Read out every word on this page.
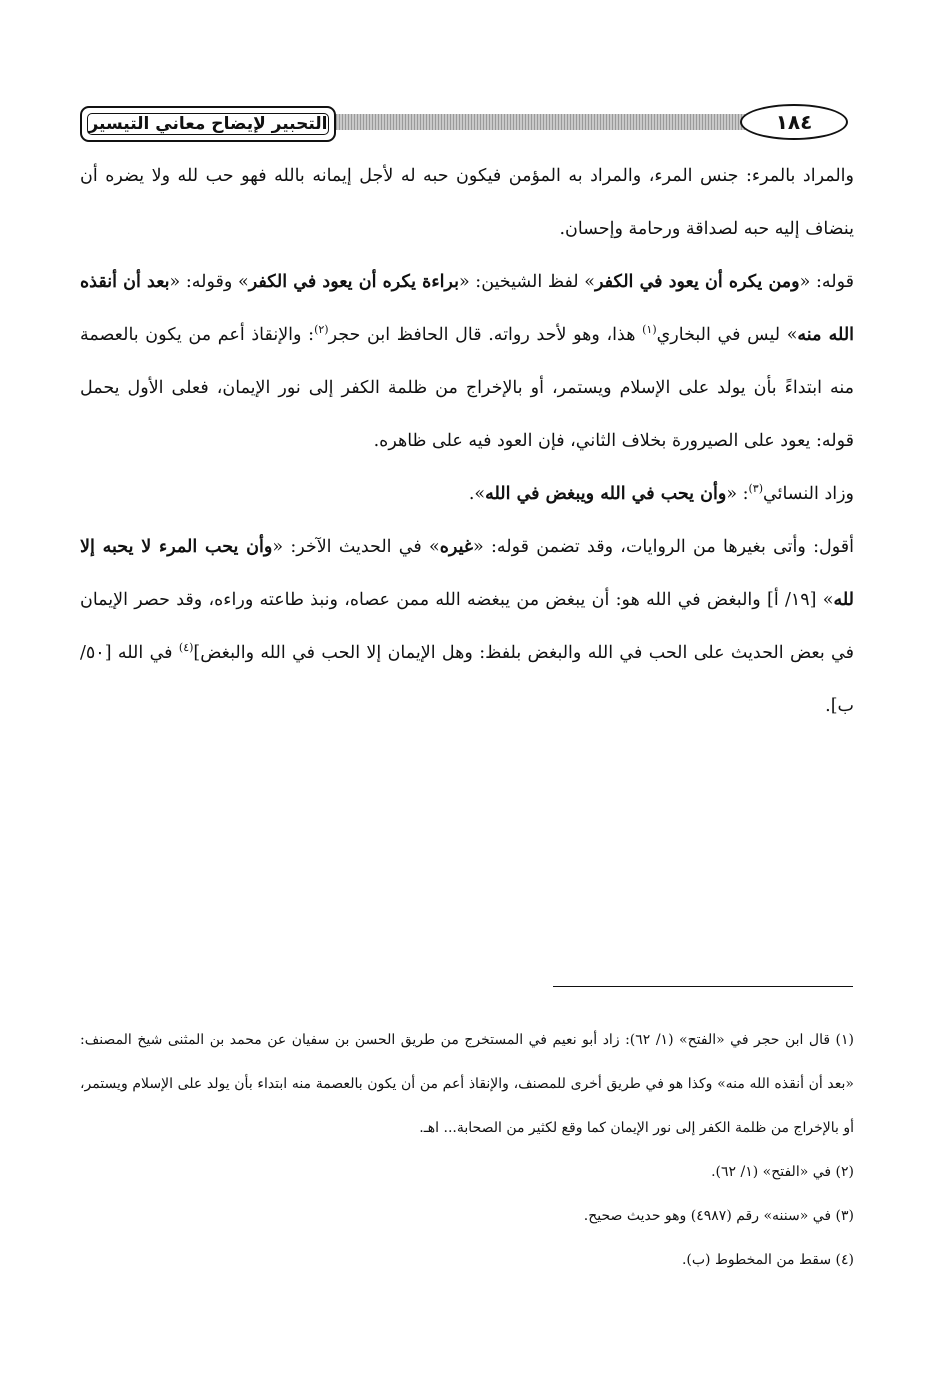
التحبير لإيضاح معاني التيسير	١٨٤

والمراد بالمرء: جنس المرء، والمراد به المؤمن فيكون حبه له لأجل إيمانه بالله فهو حب لله ولا يضره أن ينضاف إليه حبه لصداقة ورحامة وإحسان.

قوله: «ومن يكره أن يعود في الكفر» لفظ الشيخين: «براءة يكره أن يعود في الكفر» وقوله: «بعد أن أنقذه الله منه» ليس في البخاري$^{(١)}$ هذا، وهو لأحد رواته. قال الحافظ ابن حجر$^{(٢)}$: والإنقاذ أعم من يكون بالعصمة منه ابتداءً بأن يولد على الإسلام ويستمر، أو بالإخراج من ظلمة الكفر إلى نور الإيمان، فعلى الأول يحمل قوله: يعود على الصيرورة بخلاف الثاني، فإن العود فيه على ظاهره.

وزاد النسائي$^{(٣)}$: «وأن يحب في الله ويبغض في الله».

أقول: وأتى بغيرها من الروايات، وقد تضمن قوله: «غيره» في الحديث الآخر: «وأن يحب المرء لا يحبه إلا لله» [١٩/ أ] والبغض في الله هو: أن يبغض من يبغضه الله ممن عصاه، ونبذ طاعته وراءه، وقد حصر الإيمان في بعض الحديث على الحب في الله والبغض بلفظ: وهل الإيمان إلا الحب في الله والبغض]$^{(٤)}$ في الله [٥٠/ ب].

(١) قال ابن حجر في «الفتح» (١/ ٦٢): زاد أبو نعيم في المستخرج من طريق الحسن بن سفيان عن محمد بن المثنى شيخ المصنف: «بعد أن أنقذه الله منه» وكذا هو في طريق أخرى للمصنف، والإنقاذ أعم من أن يكون بالعصمة منه ابتداء بأن يولد على الإسلام ويستمر، أو بالإخراج من ظلمة الكفر إلى نور الإيمان كما وقع لكثير من الصحابة... اهـ.

(٢) في «الفتح» (١/ ٦٢).

(٣) في «سننه» رقم (٤٩٨٧) وهو حديث صحيح.

(٤) سقط من المخطوط (ب).
